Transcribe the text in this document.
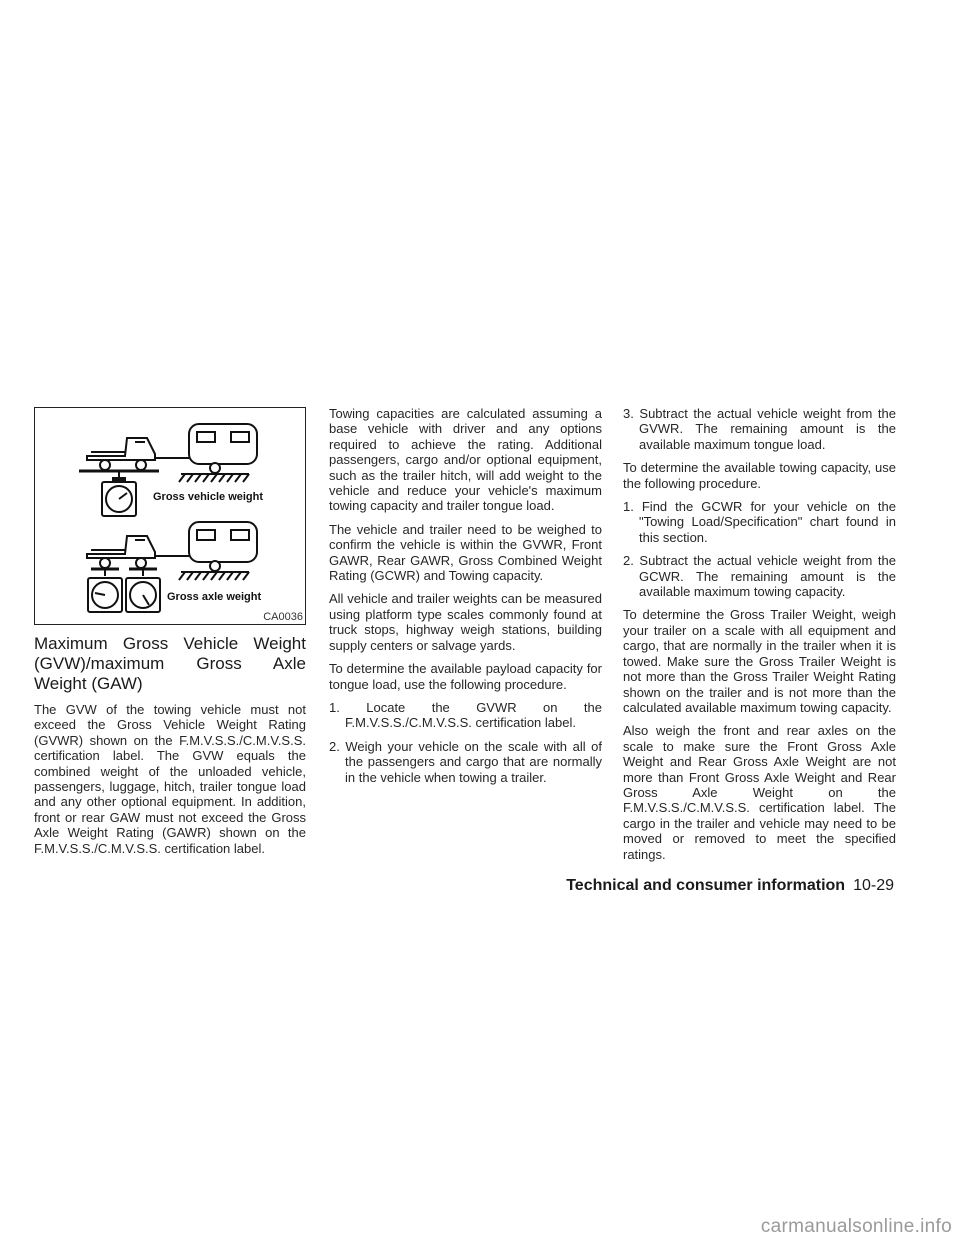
Gross vehicle weight
Gross axle weight
CA0036
Maximum Gross Vehicle Weight (GVW)/maximum Gross Axle Weight (GAW)

The GVW of the towing vehicle must not exceed the Gross Vehicle Weight Rating (GVWR) shown on the F.M.V.S.S./C.M.V.S.S. certification label. The GVW equals the combined weight of the unloaded vehicle, passengers, luggage, hitch, trailer tongue load and any other optional equipment. In addition, front or rear GAW must not exceed the Gross Axle Weight Rating (GAWR) shown on the F.M.V.S.S./C.M.V.S.S. certification label.

Towing capacities are calculated assuming a base vehicle with driver and any options required to achieve the rating. Additional passengers, cargo and/or optional equipment, such as the trailer hitch, will add weight to the vehicle and reduce your vehicle's maximum towing capacity and trailer tongue load.

The vehicle and trailer need to be weighed to confirm the vehicle is within the GVWR, Front GAWR, Rear GAWR, Gross Combined Weight Rating (GCWR) and Towing capacity.

All vehicle and trailer weights can be measured using platform type scales commonly found at truck stops, highway weigh stations, building supply centers or salvage yards.

To determine the available payload capacity for tongue load, use the following procedure.

1. Locate the GVWR on the F.M.V.S.S./C.M.V.S.S. certification label.

2. Weigh your vehicle on the scale with all of the passengers and cargo that are normally in the vehicle when towing a trailer.

3. Subtract the actual vehicle weight from the GVWR. The remaining amount is the available maximum tongue load.

To determine the available towing capacity, use the following procedure.

1. Find the GCWR for your vehicle on the "Towing Load/Specification" chart found in this section.

2. Subtract the actual vehicle weight from the GCWR. The remaining amount is the available maximum towing capacity.

To determine the Gross Trailer Weight, weigh your trailer on a scale with all equipment and cargo, that are normally in the trailer when it is towed. Make sure the Gross Trailer Weight is not more than the Gross Trailer Weight Rating shown on the trailer and is not more than the calculated available maximum towing capacity.

Also weigh the front and rear axles on the scale to make sure the Front Gross Axle Weight and Rear Gross Axle Weight are not more than Front Gross Axle Weight and Rear Gross Axle Weight on the F.M.V.S.S./C.M.V.S.S. certification label. The cargo in the trailer and vehicle may need to be moved or removed to meet the specified ratings.

Technical and consumer information 10-29
carmanualsonline.info
